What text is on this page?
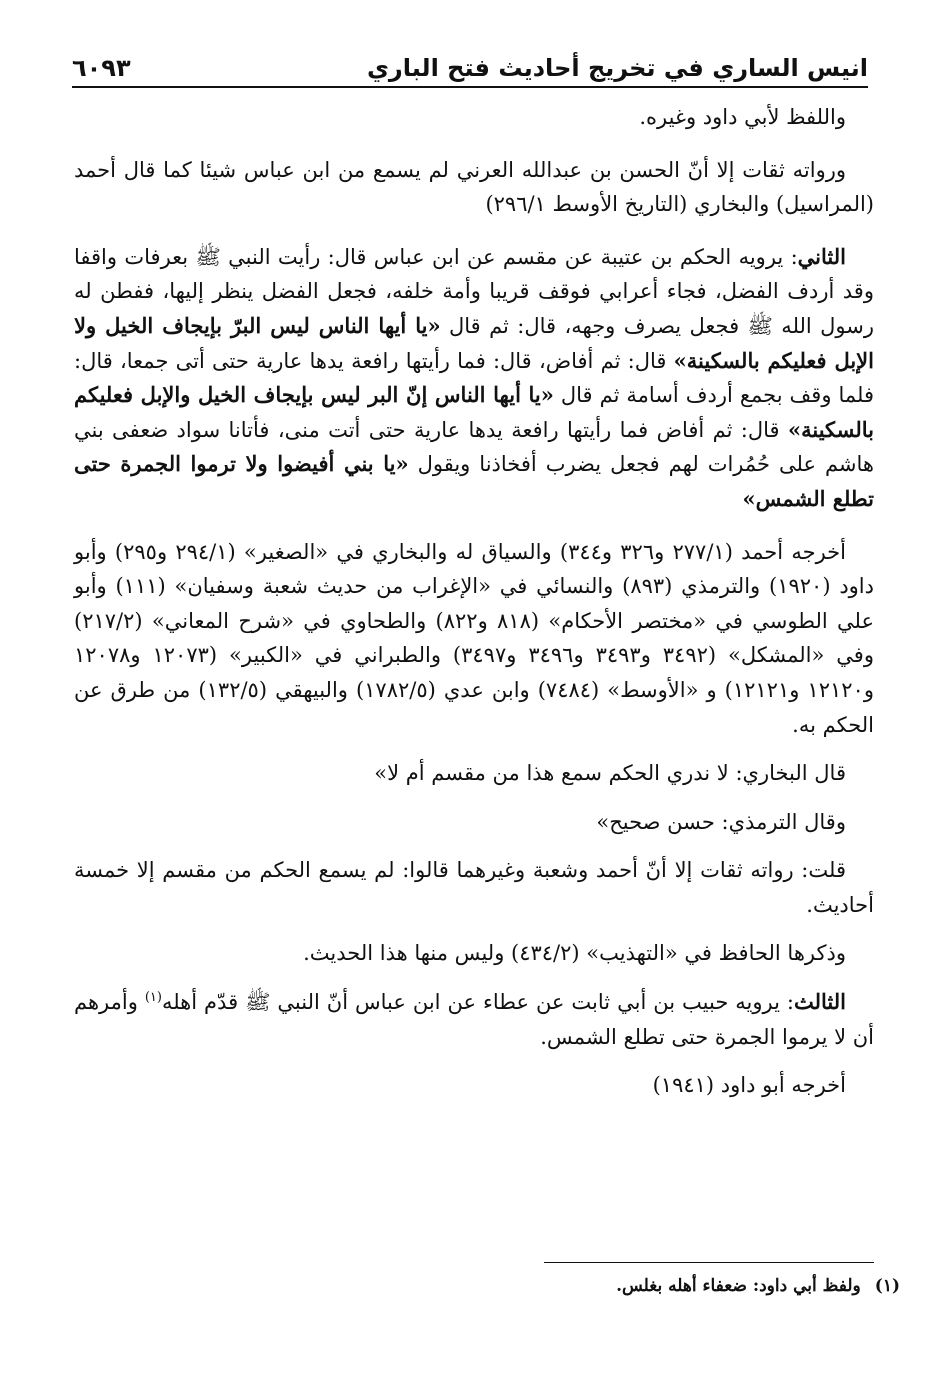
انيس الساري في تخريج أحاديث فتح الباري
٦٠٩٣

واللفظ لأبي داود وغيره.

ورواته ثقات إلا أنّ الحسن بن عبدالله العرني لم يسمع من ابن عباس شيئا كما قال أحمد (المراسيل) والبخاري (التاريخ الأوسط ٢٩٦/١)

الثاني: يرويه الحكم بن عتيبة عن مقسم عن ابن عباس قال: رأيت النبي ﷺ بعرفات واقفا وقد أردف الفضل، فجاء أعرابي فوقف قريبا وأمة خلفه، فجعل الفضل ينظر إليها، ففطن له رسول الله ﷺ فجعل يصرف وجهه، قال: ثم قال «يا أيها الناس ليس البرّ بإيجاف الخيل ولا الإبل فعليكم بالسكينة» قال: ثم أفاض، قال: فما رأيتها رافعة يدها عارية حتى أتى جمعا، قال: فلما وقف بجمع أردف أسامة ثم قال «يا أيها الناس إنّ البر ليس بإيجاف الخيل والإبل فعليكم بالسكينة» قال: ثم أفاض فما رأيتها رافعة يدها عارية حتى أتت منى، فأتانا سواد ضعفى بني هاشم على حُمُرات لهم فجعل يضرب أفخاذنا ويقول «يا بني أفيضوا ولا ترموا الجمرة حتى تطلع الشمس»

أخرجه أحمد (٢٧٧/١ و٣٢٦ و٣٤٤) والسياق له والبخاري في «الصغير» (٢٩٤/١ و٢٩٥) وأبو داود (١٩٢٠) والترمذي (٨٩٣) والنسائي في «الإغراب من حديث شعبة وسفيان» (١١١) وأبو علي الطوسي في «مختصر الأحكام» (٨١٨ و٨٢٢) والطحاوي في «شرح المعاني» (٢١٧/٢) وفي «المشكل» (٣٤٩٢ و٣٤٩٣ و٣٤٩٦ و٣٤٩٧) والطبراني في «الكبير» (١٢٠٧٣ و١٢٠٧٨ و١٢١٢٠ و١٢١٢١) و «الأوسط» (٧٤٨٤) وابن عدي (١٧٨٢/٥) والبيهقي (١٣٢/٥) من طرق عن الحكم به.

قال البخاري: لا ندري الحكم سمع هذا من مقسم أم لا»

وقال الترمذي: حسن صحيح»

قلت: رواته ثقات إلا أنّ أحمد وشعبة وغيرهما قالوا: لم يسمع الحكم من مقسم إلا خمسة أحاديث.

وذكرها الحافظ في «التهذيب» (٤٣٤/٢) وليس منها هذا الحديث.

الثالث: يرويه حبيب بن أبي ثابت عن عطاء عن ابن عباس أنّ النبي ﷺ قدّم أهله$^{(١)}$ وأمرهم أن لا يرموا الجمرة حتى تطلع الشمس.

أخرجه أبو داود (١٩٤١)

(١)ولفظ أبي داود: ضعفاء أهله بغلس.
